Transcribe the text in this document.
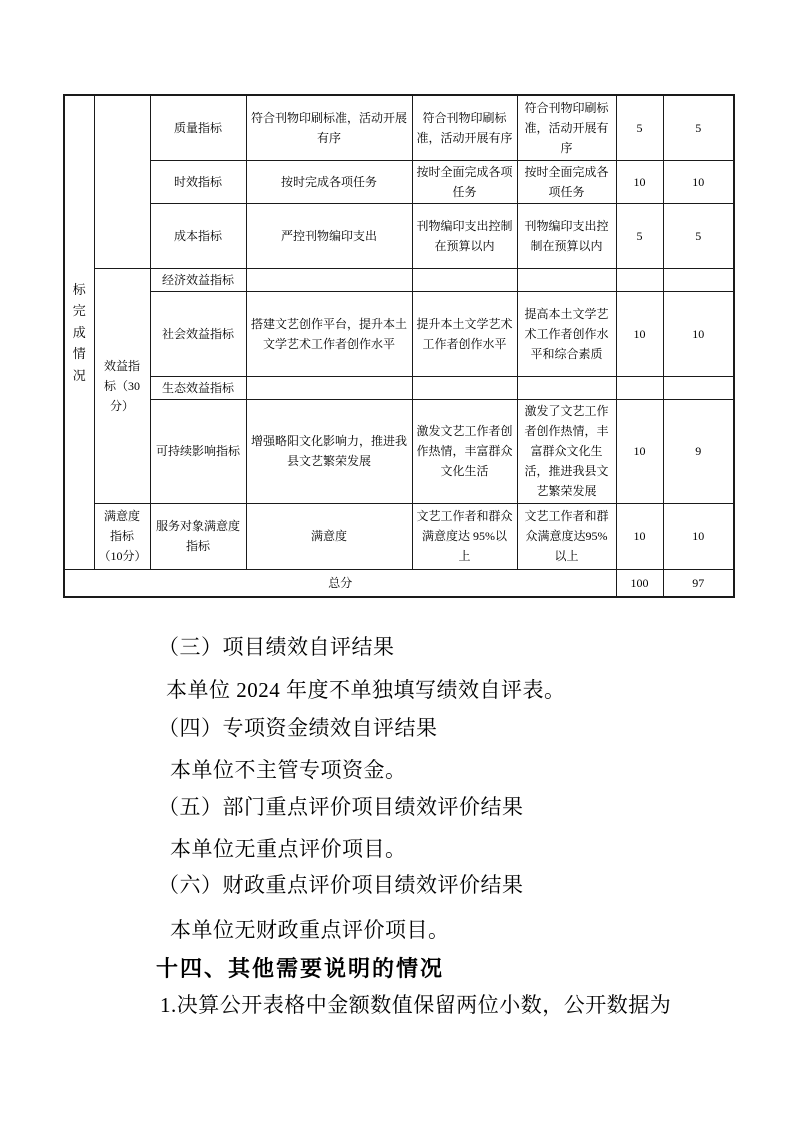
标完成情况		质量指标	符合刊物印刷标准，活动开展有序	符合刊物印刷标准，活动开展有序	符合刊物印刷标准，活动开展有序	5	5
		时效指标	按时完成各项任务	按时全面完成各项任务	按时全面完成各项任务	10	10
		成本指标	严控刊物编印支出	刊物编印支出控制在预算以内	刊物编印支出控制在预算以内	5	5
	效益指标（30分）	经济效益指标					
		社会效益指标	搭建文艺创作平台，提升本土文学艺术工作者创作水平	提升本土文学艺术工作者创作水平	提高本土文学艺术工作者创作水平和综合素质	10	10
		生态效益指标					
		可持续影响指标	增强略阳文化影响力，推进我县文艺繁荣发展	激发文艺工作者创作热情，丰富群众文化生活	激发了文艺工作者创作热情，丰富群众文化生活，推进我县文艺繁荣发展	10	9
	满意度指标（10分）	服务对象满意度指标	满意度	文艺工作者和群众满意度达 95%以上	文艺工作者和群众满意度达95%以上	10	10
总分						100	97
（三）项目绩效自评结果
本单位 2024 年度不单独填写绩效自评表。
（四）专项资金绩效自评结果
本单位不主管专项资金。
（五）部门重点评价项目绩效评价结果
本单位无重点评价项目。
（六）财政重点评价项目绩效评价结果
本单位无财政重点评价项目。
十四、其他需要说明的情况
1.决算公开表格中金额数值保留两位小数，公开数据为
